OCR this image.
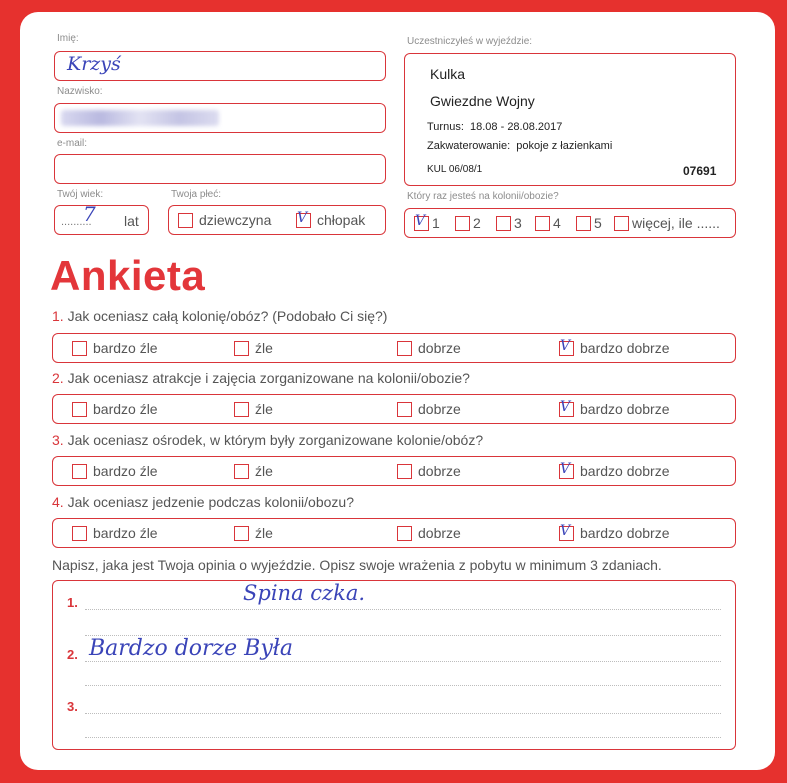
Imię:
Krzyś
Nazwisko:
e-mail:
Twój wiek:
..........
7 lat
Twoja płeć:
dziewczyna V chłopak
Uczestniczyłeś w wyjeździe:
Kulka
Gwiezdne Wojny
Turnus: 18.08 - 28.08.2017
Zakwaterowanie: pokoje z łazienkami
KUL 06/08/1	07691
Który raz jesteś na kolonii/obozie?
V 1 2 3 4 5 więcej, ile ......
Ankieta
1. Jak oceniasz całą kolonię/obóz? (Podobało Ci się?)
bardzo źle	źle	dobrze	V bardzo dobrze
2. Jak oceniasz atrakcje i zajęcia zorganizowane na kolonii/obozie?
bardzo źle	źle	dobrze	V bardzo dobrze
3. Jak oceniasz ośrodek, w którym były zorganizowane kolonie/obóz?
bardzo źle	źle	dobrze	V bardzo dobrze
4. Jak oceniasz jedzenie podczas kolonii/obozu?
bardzo źle	źle	dobrze	V bardzo dobrze
Napisz, jaka jest Twoja opinia o wyjeździe. Opisz swoje wrażenia z pobytu w minimum 3 zdaniach.
1.	Spina czka.
2. Bardzo dorze Była
3.
